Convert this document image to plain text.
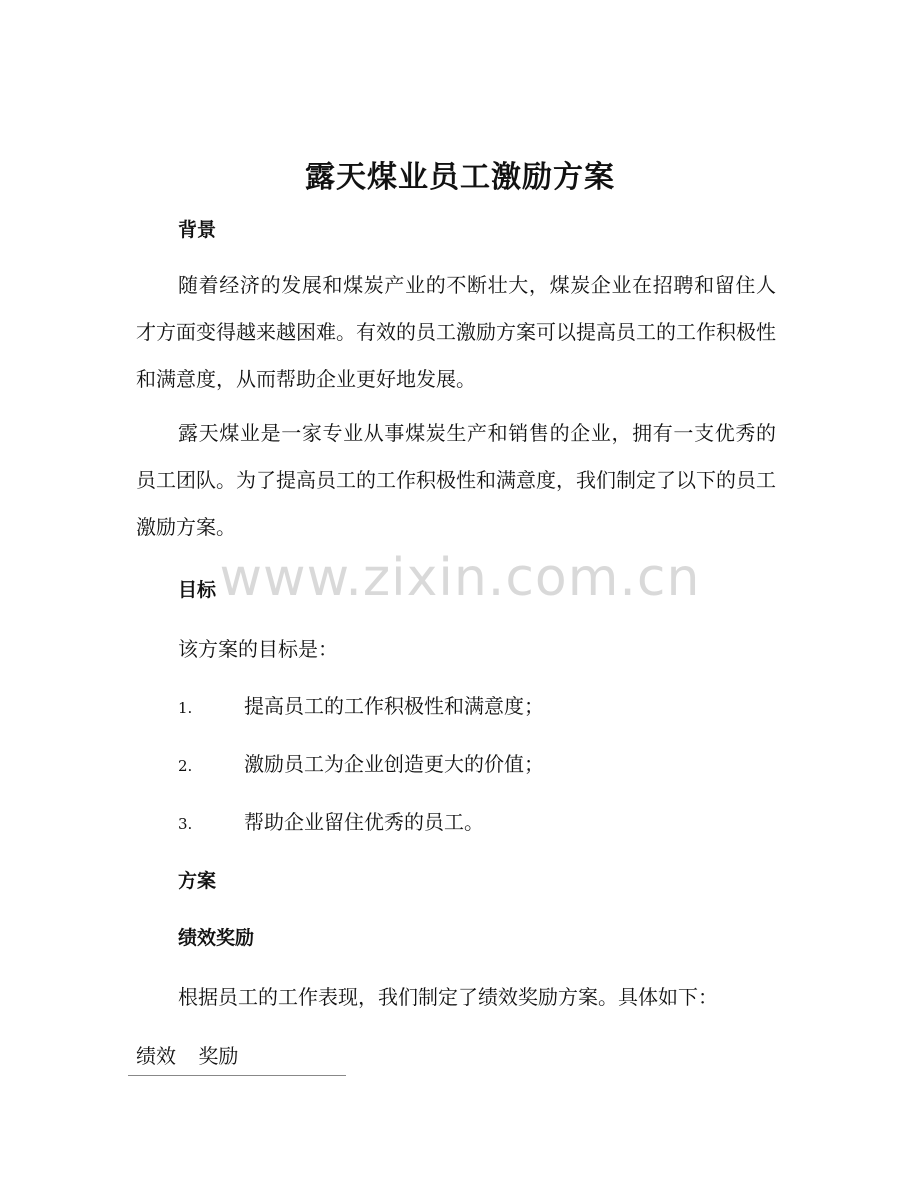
露天煤业员工激励方案
背景

随着经济的发展和煤炭产业的不断壮大，煤炭企业在招聘和留住人才方面变得越来越困难。有效的员工激励方案可以提高员工的工作积极性和满意度，从而帮助企业更好地发展。

露天煤业是一家专业从事煤炭生产和销售的企业，拥有一支优秀的员工团队。为了提高员工的工作积极性和满意度，我们制定了以下的员工激励方案。

www.zixin.com.cn
目标

该方案的目标是：

1.	提高员工的工作积极性和满意度；
2.	激励员工为企业创造更大的价值；
3.	帮助企业留住优秀的员工。
方案
绩效奖励

根据员工的工作表现，我们制定了绩效奖励方案。具体如下：

绩效 奖励
